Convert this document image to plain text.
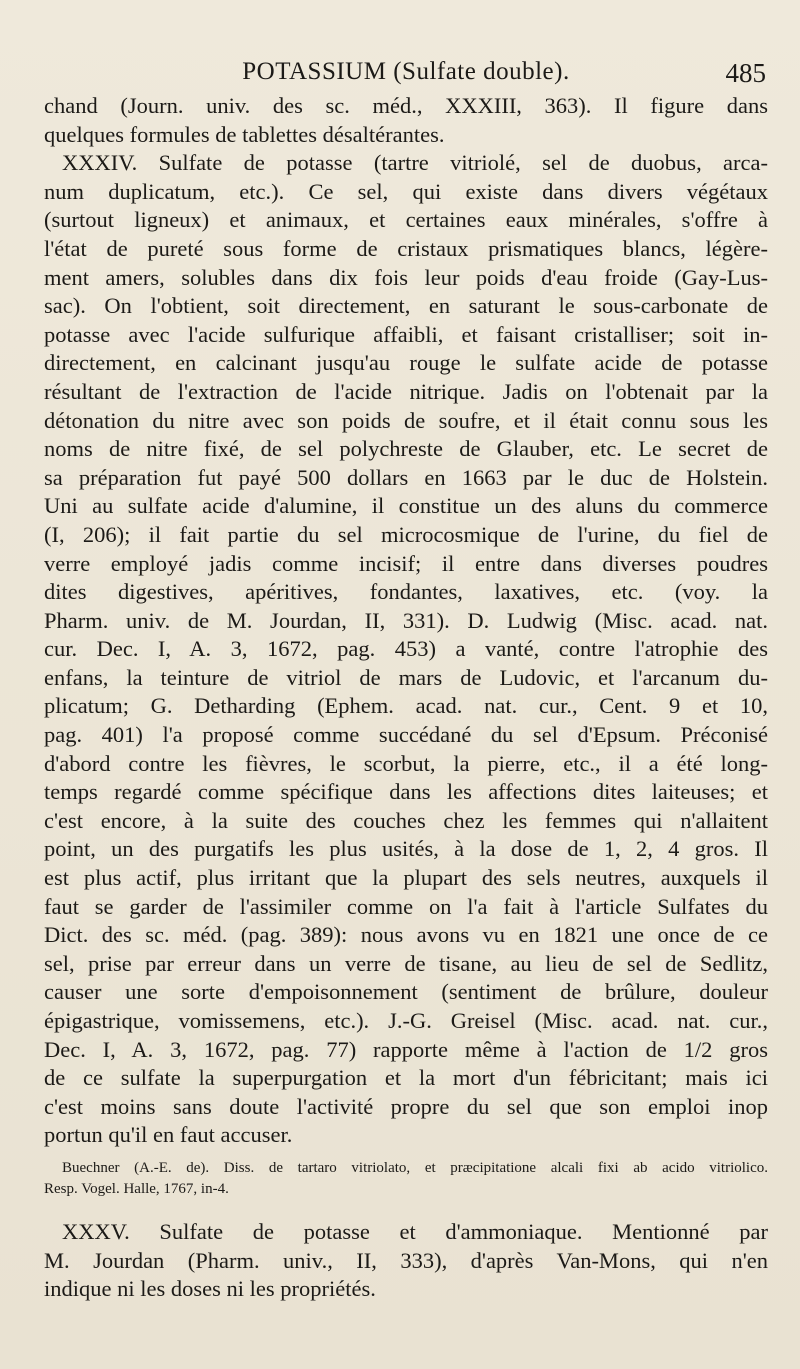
POTASSIUM (Sulfate double).	485
chand (Journ. univ. des sc. méd., XXXIII, 363). Il figure dans
quelques formules de tablettes désaltérantes.
XXXIV. Sulfate de potasse (tartre vitriolé, sel de duobus, arca-
num duplicatum, etc.). Ce sel, qui existe dans divers végétaux
(surtout ligneux) et animaux, et certaines eaux minérales, s'offre à
l'état de pureté sous forme de cristaux prismatiques blancs, légère-
ment amers, solubles dans dix fois leur poids d'eau froide (Gay-Lus-
sac). On l'obtient, soit directement, en saturant le sous-carbonate de
potasse avec l'acide sulfurique affaibli, et faisant cristalliser; soit in-
directement, en calcinant jusqu'au rouge le sulfate acide de potasse
résultant de l'extraction de l'acide nitrique. Jadis on l'obtenait par la
détonation du nitre avec son poids de soufre, et il était connu sous les
noms de nitre fixé, de sel polychreste de Glauber, etc. Le secret de
sa préparation fut payé 500 dollars en 1663 par le duc de Holstein.
Uni au sulfate acide d'alumine, il constitue un des aluns du commerce
(I, 206); il fait partie du sel microcosmique de l'urine, du fiel de
verre employé jadis comme incisif; il entre dans diverses poudres
dites digestives, apéritives, fondantes, laxatives, etc. (voy. la
Pharm. univ. de M. Jourdan, II, 331). D. Ludwig (Misc. acad. nat.
cur. Dec. I, A. 3, 1672, pag. 453) a vanté, contre l'atrophie des
enfans, la teinture de vitriol de mars de Ludovic, et l'arcanum du-
plicatum; G. Detharding (Ephem. acad. nat. cur., Cent. 9 et 10,
pag. 401) l'a proposé comme succédané du sel d'Epsum. Préconisé
d'abord contre les fièvres, le scorbut, la pierre, etc., il a été long-
temps regardé comme spécifique dans les affections dites laiteuses; et
c'est encore, à la suite des couches chez les femmes qui n'allaitent
point, un des purgatifs les plus usités, à la dose de 1, 2, 4 gros. Il
est plus actif, plus irritant que la plupart des sels neutres, auxquels il
faut se garder de l'assimiler comme on l'a fait à l'article Sulfates du
Dict. des sc. méd. (pag. 389): nous avons vu en 1821 une once de ce
sel, prise par erreur dans un verre de tisane, au lieu de sel de Sedlitz,
causer une sorte d'empoisonnement (sentiment de brûlure, douleur
épigastrique, vomissemens, etc.). J.-G. Greisel (Misc. acad. nat. cur.,
Dec. I, A. 3, 1672, pag. 77) rapporte même à l'action de 1/2 gros
de ce sulfate la superpurgation et la mort d'un fébricitant; mais ici
c'est moins sans doute l'activité propre du sel que son emploi inop
portun qu'il en faut accuser.
Buechner (A.-E. de). Diss. de tartaro vitriolato, et præcipitatione alcali fixi ab acido vitriolico.
Resp. Vogel. Halle, 1767, in-4.
XXXV. Sulfate de potasse et d'ammoniaque. Mentionné par
M. Jourdan (Pharm. univ., II, 333), d'après Van-Mons, qui n'en
indique ni les doses ni les propriétés.
